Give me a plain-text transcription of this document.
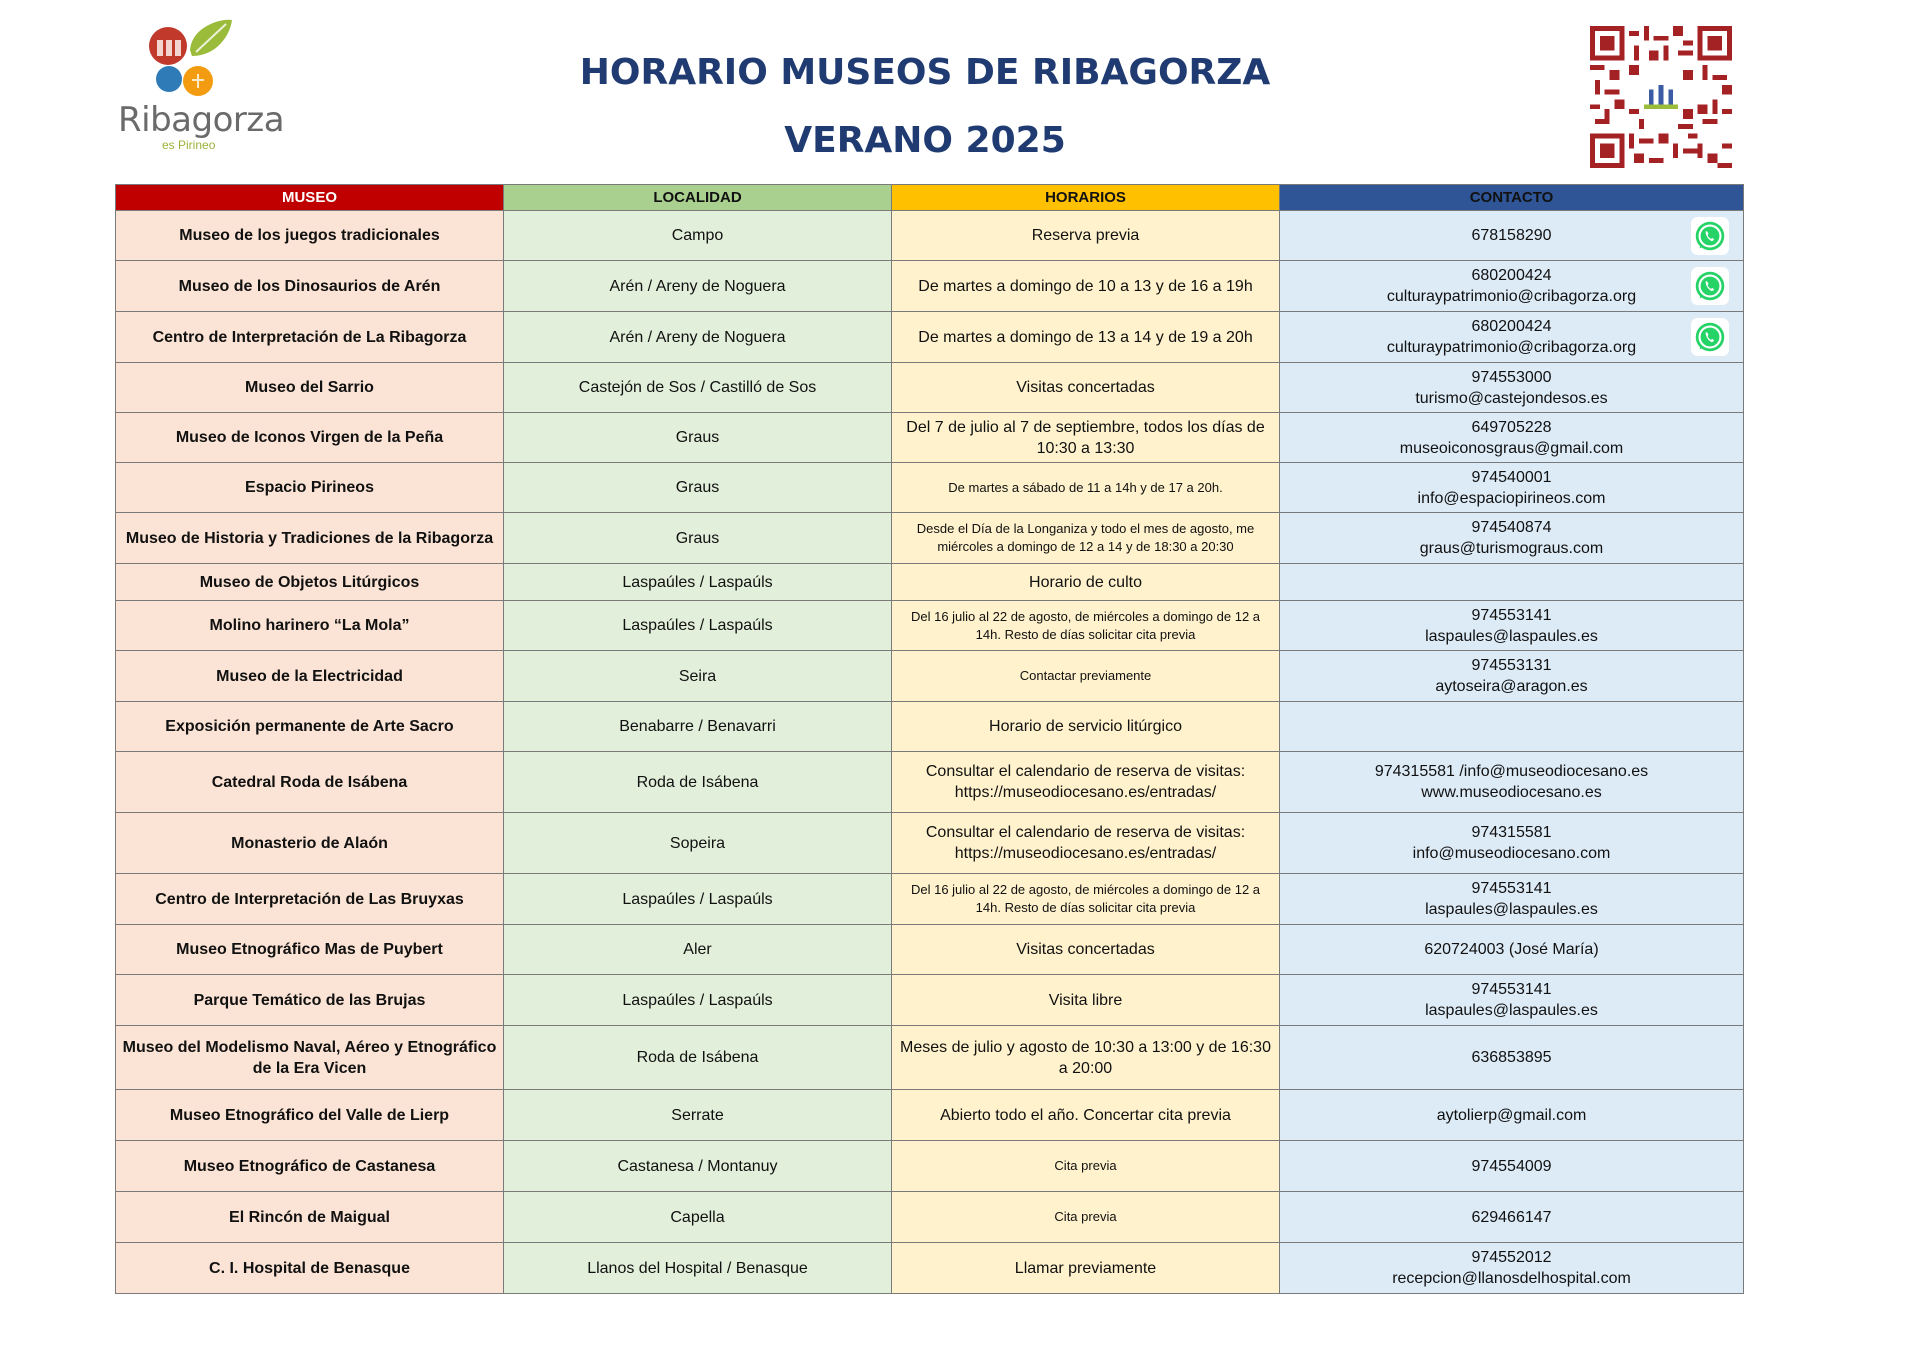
Ribagorza
es Pirineo
HORARIO MUSEOS DE RIBAGORZA
VERANO 2025
MUSEO	LOCALIDAD	HORARIOS	CONTACTO
Museo de los juegos tradicionales	Campo	Reserva previa	678158290

Museo de los Dinosaurios de Arén	Arén / Areny de Noguera	De martes a domingo de 10 a 13 y de 16 a 19h	680200424
culturaypatrimonio@cribagorza.org

Centro de Interpretación de La Ribagorza	Arén / Areny de Noguera	De martes a domingo de 13 a 14 y de 19 a 20h	680200424
culturaypatrimonio@cribagorza.org

Museo del Sarrio	Castejón de Sos / Castilló de Sos	Visitas concertadas	974553000
turismo@castejondesos.es

Museo de Iconos Virgen de la Peña	Graus	Del 7 de julio al 7 de septiembre, todos los días de 10:30 a 13:30	649705228
museoiconosgraus@gmail.com

Espacio Pirineos	Graus	De martes a sábado de 11 a 14h y de 17 a 20h.	974540001
info@espaciopirineos.com

Museo de Historia y Tradiciones de la Ribagorza	Graus	Desde el Día de la Longaniza y todo el mes de agosto, me miércoles a domingo de 12 a 14 y de 18:30 a 20:30	974540874
graus@turismograus.com

Museo de Objetos Litúrgicos	Laspaúles / Laspaúls	Horario de culto	
Molino harinero “La Mola”	Laspaúles / Laspaúls	Del 16 julio al 22 de agosto, de miércoles a domingo de 12 a 14h. Resto de días solicitar cita previa	974553141
laspaules@laspaules.es

Museo de la Electricidad	Seira	Contactar previamente	974553131
aytoseira@aragon.es

Exposición permanente de Arte Sacro	Benabarre / Benavarri	Horario de servicio litúrgico	
Catedral Roda de Isábena	Roda de Isábena	Consultar el calendario de reserva de visitas: https://museodiocesano.es/entradas/	974315581 /info@museodiocesano.es
www.museodiocesano.es

Monasterio de Alaón	Sopeira	Consultar el calendario de reserva de visitas: https://museodiocesano.es/entradas/	974315581
info@museodiocesano.com

Centro de Interpretación de Las Bruyxas	Laspaúles / Laspaúls	Del 16 julio al 22 de agosto, de miércoles a domingo de 12 a 14h. Resto de días solicitar cita previa	974553141
laspaules@laspaules.es

Museo Etnográfico Mas de Puybert	Aler	Visitas concertadas	620724003 (José María)

Parque Temático de las Brujas	Laspaúles / Laspaúls	Visita libre	974553141
laspaules@laspaules.es

Museo del Modelismo Naval, Aéreo y Etnográfico de la Era Vicen	Roda de Isábena	Meses de julio y agosto de 10:30 a 13:00 y de 16:30 a 20:00	636853895

Museo Etnográfico del Valle de Lierp	Serrate	Abierto todo el año. Concertar cita previa	aytolierp@gmail.com

Museo Etnográfico de Castanesa	Castanesa / Montanuy	Cita previa	974554009

El Rincón de Maigual	Capella	Cita previa	629466147

C. I. Hospital de Benasque	Llanos del Hospital / Benasque	Llamar previamente	974552012
recepcion@llanosdelhospital.com
